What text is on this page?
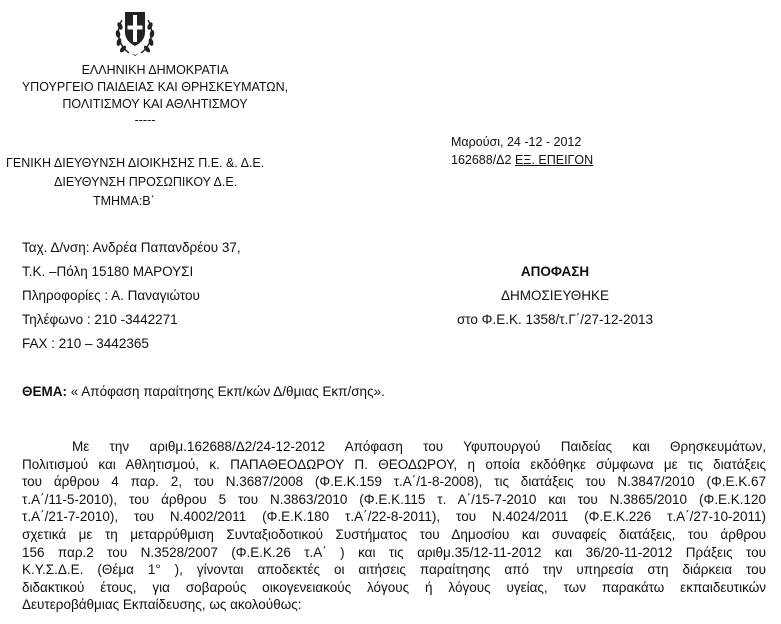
ΕΛΛΗΝΙΚΗ ΔΗΜΟΚΡΑΤΙΑ
ΥΠΟΥΡΓΕΙΟ ΠΑΙΔΕΙΑΣ ΚΑΙ ΘΡΗΣΚΕΥΜΑΤΩΝ,
ΠΟΛΙΤΙΣΜΟΥ ΚΑΙ ΑΘΛΗΤΙΣΜΟΥ
-----
ΓΕΝΙΚΗ ΔΙΕΥΘΥΝΣΗ ΔΙΟΙΚΗΣΗΣ Π.Ε. &. Δ.Ε.
ΔΙΕΥΘΥΝΣΗ ΠΡΟΣΩΠΙΚΟΥ Δ.Ε.
ΤΜΗΜΑ:Β΄
Μαρούσι, 24 -12 - 2012
162688/Δ2 ΕΞ. ΕΠΕΙΓΟΝ
Ταχ. Δ/νση: Ανδρέα Παπανδρέου 37,
Τ.Κ. –Πόλη 15180 ΜΑΡΟΥΣΙ
Πληροφορίες : Α. Παναγιώτου
Τηλέφωνο : 210 -3442271
FAX : 210 – 3442365
ΑΠΟΦΑΣΗ
ΔΗΜΟΣΙΕΥΘΗΚΕ
στο Φ.Ε.Κ. 1358/τ.Γ΄/27-12-2013
ΘΕΜΑ: « Απόφαση παραίτησης Εκπ/κών Δ/θμιας Εκπ/σης».
Με την αριθμ.162688/Δ2/24-12-2012 Απόφαση του Υφυπουργού Παιδείας και Θρησκευμάτων,
Πολιτισμού και Αθλητισμού, κ. ΠΑΠΑΘΕΟΔΩΡΟΥ Π. ΘΕΟΔΩΡΟΥ, η οποία εκδόθηκε σύμφωνα με τις διατάξεις
του άρθρου 4 παρ. 2, του Ν.3687/2008 (Φ.Ε.Κ.159 τ.Α΄/1-8-2008), τις διατάξεις του Ν.3847/2010 (Φ.Ε.Κ.67
τ.Α΄/11-5-2010), του άρθρου 5 του Ν.3863/2010 (Φ.Ε.Κ.115 τ. Α΄/15-7-2010 και του Ν.3865/2010 (Φ.Ε.Κ.120
τ.Α΄/21-7-2010), του Ν.4002/2011 (Φ.Ε.Κ.180 τ.Α΄/22-8-2011), του Ν.4024/2011 (Φ.Ε.Κ.226 τ.Α΄/27-10-2011)
σχετικά με τη μεταρρύθμιση Συνταξιοδοτικού Συστήματος του Δημοσίου και συναφείς διατάξεις, του άρθρου
156 παρ.2 του Ν.3528/2007 (Φ.Ε.Κ.26 τ.Α΄ ) και τις αριθμ.35/12-11-2012 και 36/20-11-2012 Πράξεις του
Κ.Υ.Σ.Δ.Ε. (Θέμα 1° ), γίνονται αποδεκτές οι αιτήσεις παραίτησης από την υπηρεσία στη διάρκεια του
διδακτικού έτους, για σοβαρούς οικογενειακούς λόγους ή λόγους υγείας, των παρακάτω εκπαιδευτικών
Δευτεροβάθμιας Εκπαίδευσης, ως ακολούθως:
